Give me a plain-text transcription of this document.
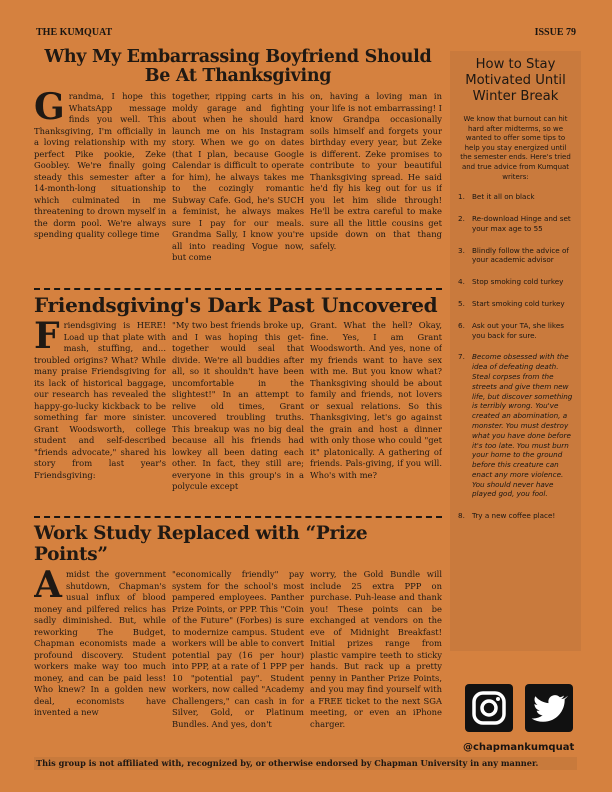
THE KUMQUAT	ISSUE 79
Why My Embarrassing Boyfriend Should Be At Thanksgiving
Grandma, I hope this WhatsApp message finds you well. This Thanksgiving, I'm officially in a loving relationship with my perfect Pike pookie, Zeke Goobley. We're finally going steady this semester after a 14-month-long situationship which culminated in me threatening to drown myself in the dorm pool. We're always spending quality college time
together, ripping carts in his moldy garage and fighting about when he should hard launch me on his Instagram story. When we go on dates (that I plan, because Google Calendar is difficult to operate for him), he always takes me to the cozingly romantic Subway Cafe. God, he's SUCH a feminist, he always makes sure I pay for our meals. Grandma Sally, I know you're all into reading Vogue now, but come
on, having a loving man in your life is not embarrassing! I know Grandpa occasionally soils himself and forgets your birthday every year, but Zeke is different. Zeke promises to contribute to your beautiful Thanksgiving spread. He said he'd fly his keg out for us if you let him slide through! He'll be extra careful to make sure all the little cousins get upside down on that thang safely.
Friendsgiving's Dark Past Uncovered
Friendsgiving is HERE! Load up that plate with mash, stuffing, and... troubled origins? What? While many praise Friendsgiving for its lack of historical baggage, our research has revealed the happy-go-lucky kickback to be something far more sinister. Grant Woodsworth, college student and self-described "friends advocate," shared his story from last year's Friendsgiving:
"My two best friends broke up, and I was hoping this get-together would seal that divide. We're all buddies after all, so it shouldn't have been uncomfortable in the slightest!" In an attempt to relive old times, Grant uncovered troubling truths. This breakup was no big deal because all his friends had lowkey all been dating each other. In fact, they still are; everyone in this group's in a polycule except
Grant. What the hell? Okay, fine. Yes, I am Grant Woodsworth. And yes, none of my friends want to have sex with me. But you know what? Thanksgiving should be about family and friends, not lovers or sexual relations. So this Thanksgiving, let's go against the grain and host a dinner with only those who could "get it" platonically. A gathering of friends. Pals-giving, if you will. Who's with me?
Work Study Replaced with “Prize Points”
Amidst the government shutdown, Chapman's usual influx of blood money and pilfered relics has sadly diminished. But, while reworking The Budget, Chapman economists made a profound discovery. Student workers make way too much money, and can be paid less! Who knew? In a golden new deal, economists have invented a new
"economically friendly" pay system for the school's most pampered employees. Panther Prize Points, or PPP. This "Coin of the Future" (Forbes) is sure to modernize campus. Student workers will be able to convert potential pay (16 per hour) into PPP, at a rate of 1 PPP per 10 "potential pay". Student workers, now called "Academy Challengers," can cash in for Silver, Gold, or Platinum Bundles. And yes, don't
worry, the Gold Bundle will include 25 extra PPP on purchase. Puh-lease and thank you! These points can be exchanged at vendors on the eve of Midnight Breakfast! Initial prizes range from plastic vampire teeth to sticky hands. But rack up a pretty penny in Panther Prize Points, and you may find yourself with a FREE ticket to the next SGA meeting, or even an iPhone charger.
How to Stay Motivated Until Winter Break
We know that burnout can hit hard after midterms, so we wanted to offer some tips to help you stay energized until the semester ends. Here's tried and true advice from Kumquat writers:
1. Bet it all on black
2. Re-download Hinge and set your max age to 55
3. Blindly follow the advice of your academic advisor
4. Stop smoking cold turkey
5. Start smoking cold turkey
6. Ask out your TA, she likes you back for sure.
7. Become obsessed with the idea of defeating death. Steal corpses from the streets and give them new life, but discover something is terribly wrong. You've created an abomination, a monster. You must destroy what you have done before it's too late. You must burn your home to the ground before this creature can enact any more violence. You should never have played god, you fool.
8. Try a new coffee place!
@chapmankumquat
This group is not affiliated with, recognized by, or otherwise endorsed by Chapman University in any manner.
